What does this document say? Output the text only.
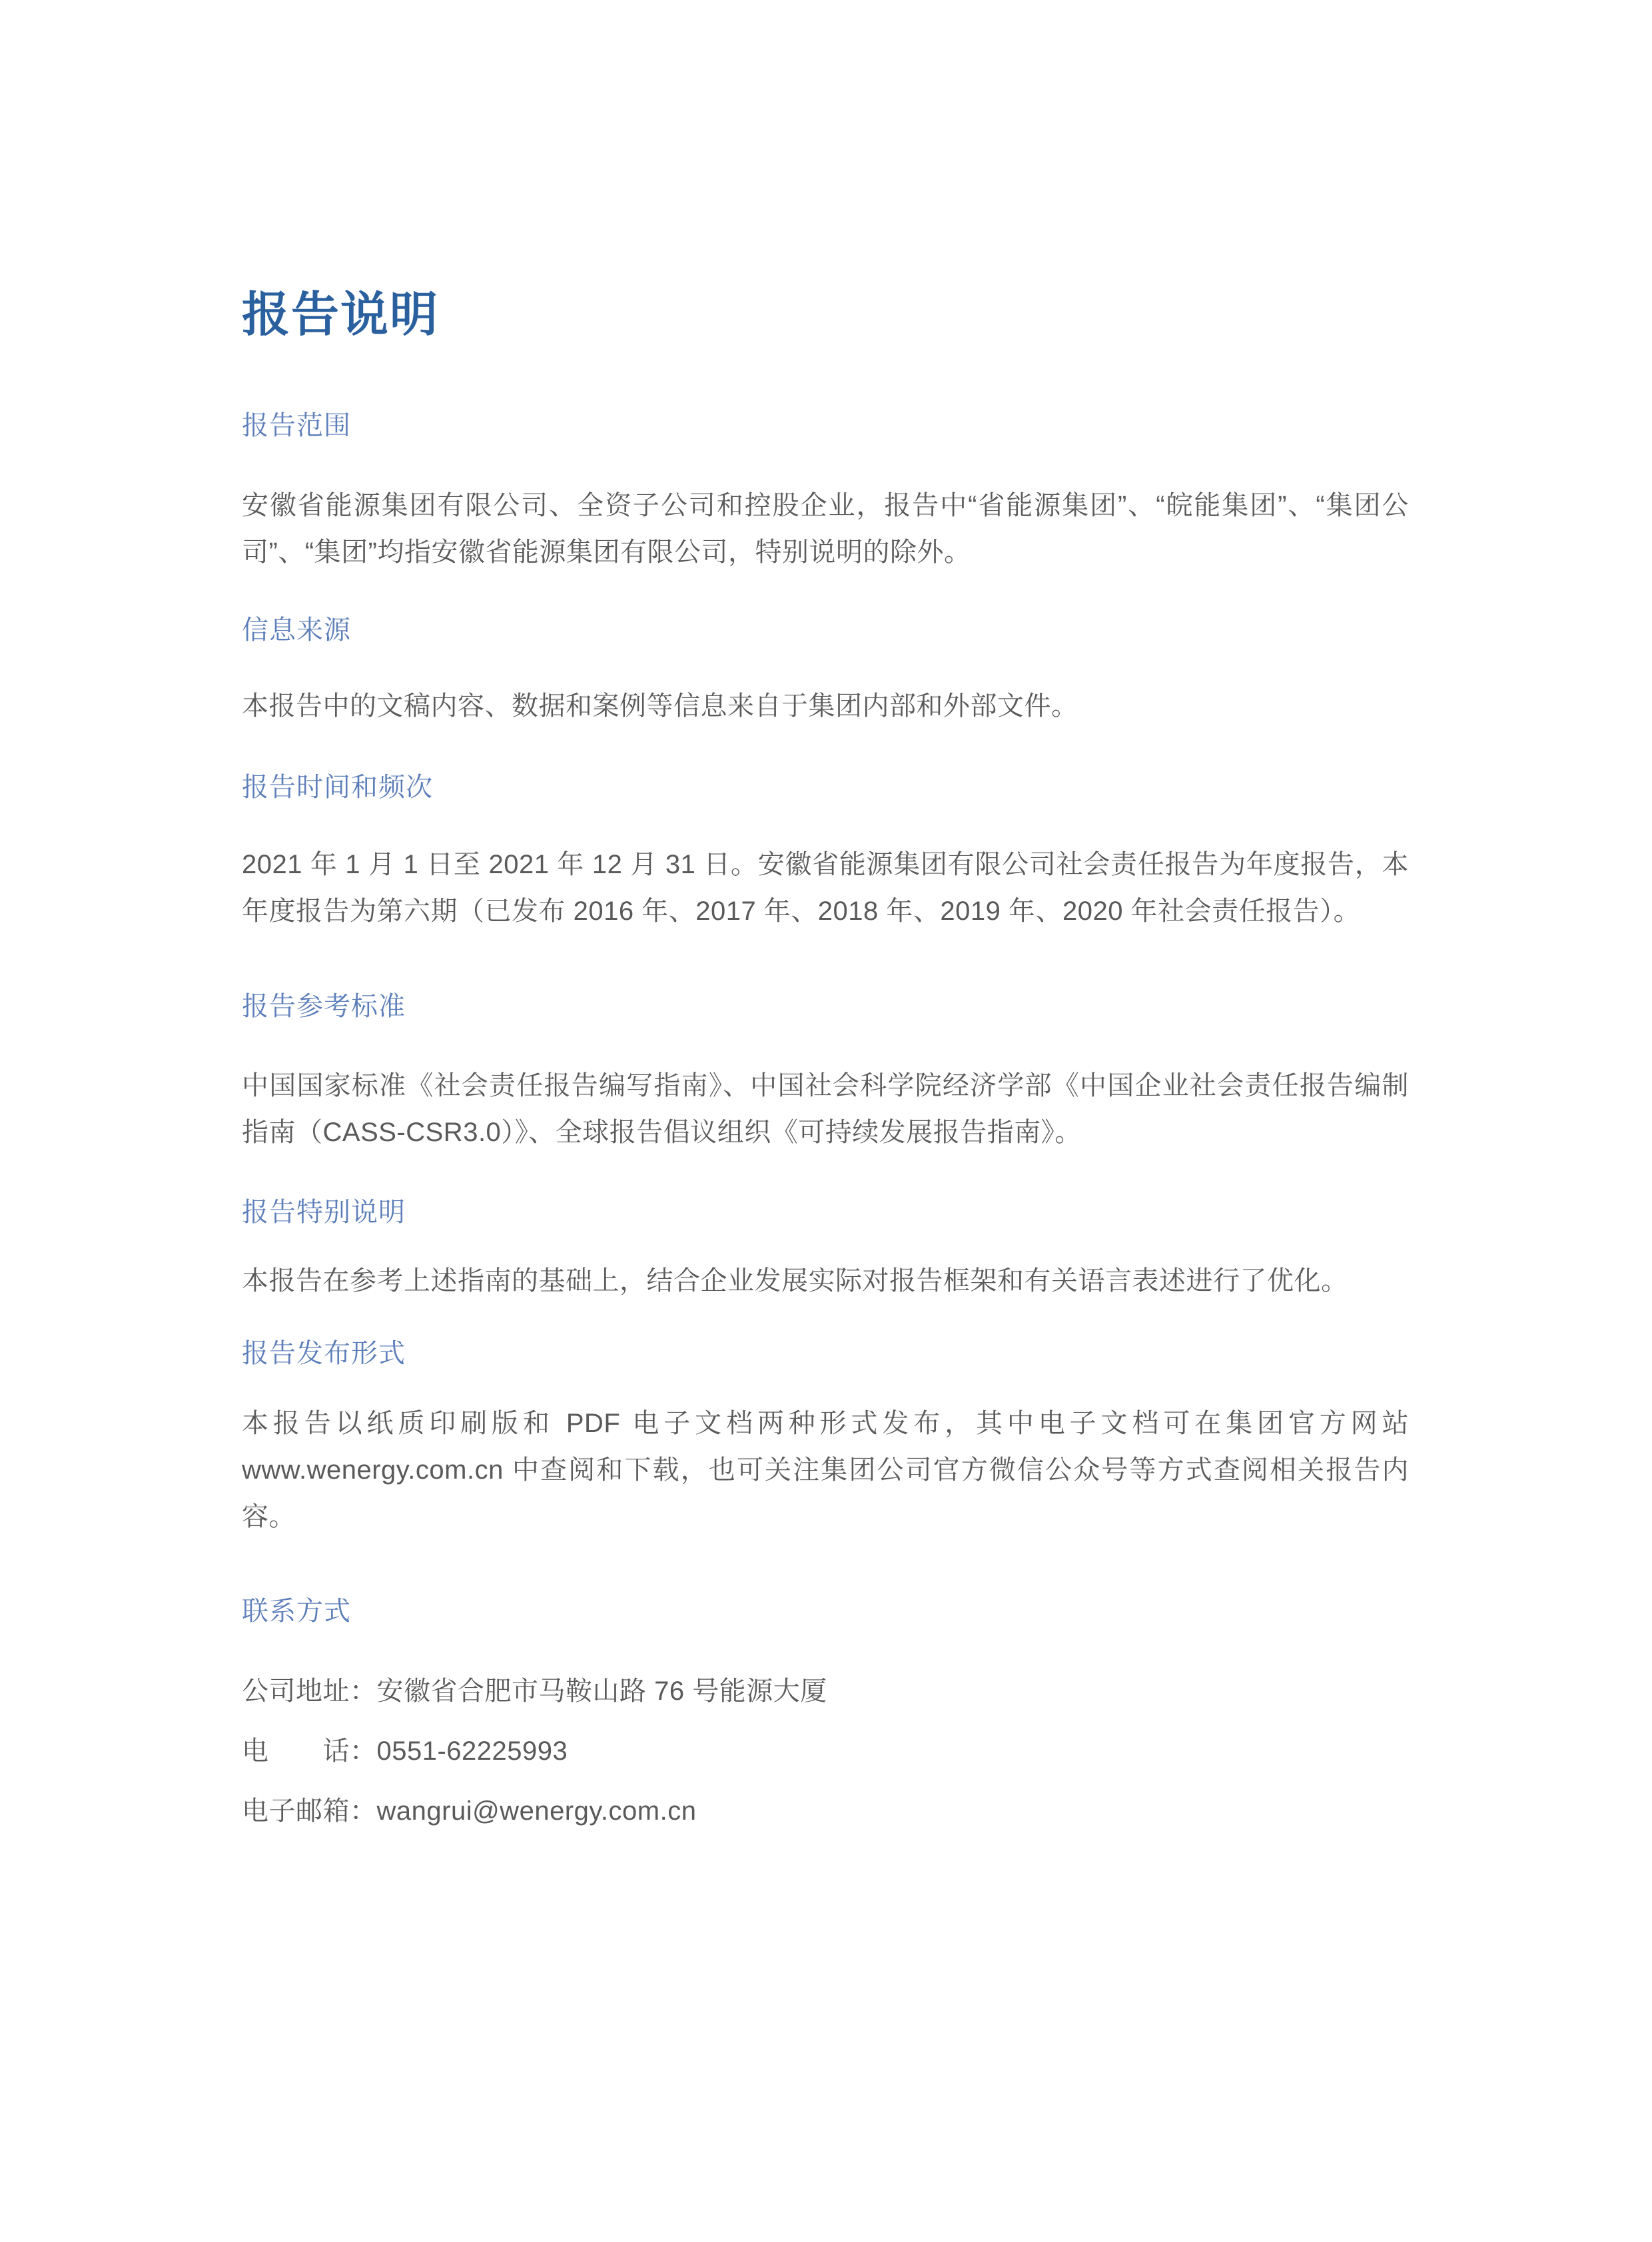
报告说明
报告范围

安徽省能源集团有限公司、全资子公司和控股企业，报告中“省能源集团”、“皖能集团”、“集团公司”、“集团”均指安徽省能源集团有限公司，特别说明的除外。

信息来源

本报告中的文稿内容、数据和案例等信息来自于集团内部和外部文件。

报告时间和频次

2021 年 1 月 1 日至 2021 年 12 月 31 日。安徽省能源集团有限公司社会责任报告为年度报告，本年度报告为第六期（已发布 2016 年、2017 年、2018 年、2019 年、2020 年社会责任报告）。

报告参考标准

中国国家标准《社会责任报告编写指南》、中国社会科学院经济学部《中国企业社会责任报告编制指南（CASS-CSR3.0）》、全球报告倡议组织《可持续发展报告指南》。

报告特别说明

本报告在参考上述指南的基础上，结合企业发展实际对报告框架和有关语言表述进行了优化。

报告发布形式

本报告以纸质印刷版和 PDF 电子文档两种形式发布，其中电子文档可在集团官方网站 www.wenergy.com.cn 中查阅和下载，也可关注集团公司官方微信公众号等方式查阅相关报告内容。

联系方式

公司地址：安徽省合肥市马鞍山路 76 号能源大厦

电　　话：0551-62225993

电子邮箱：wangrui@wenergy.com.cn
